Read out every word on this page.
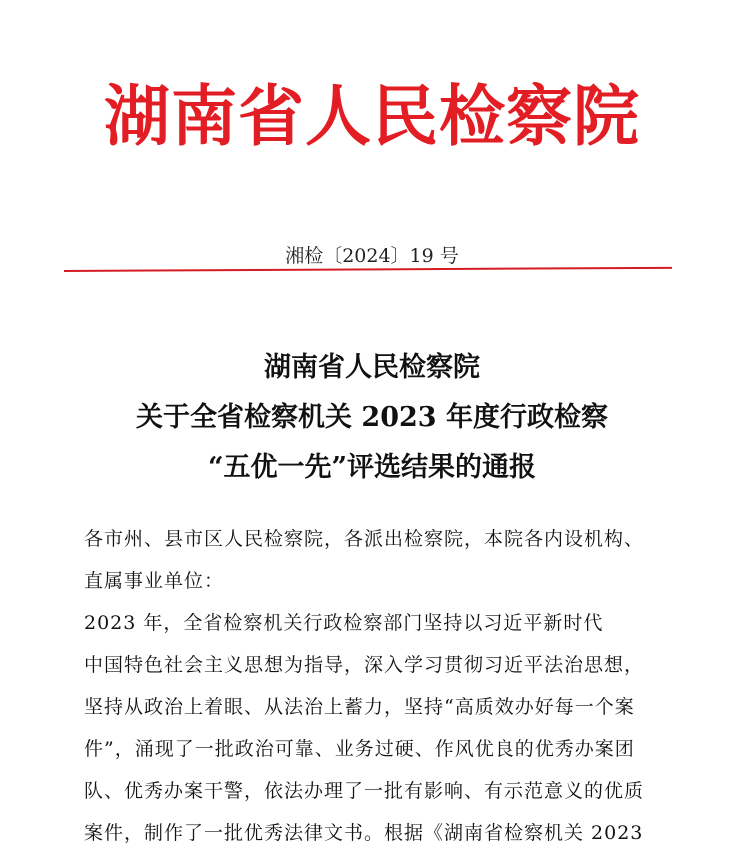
湖南省人民检察院
湘检〔2024〕19 号
湖南省人民检察院
关于全省检察机关 2023 年度行政检察
“五优一先”评选结果的通报
各市州、县市区人民检察院，各派出检察院，本院各内设机构、
直属事业单位：
2023 年，全省检察机关行政检察部门坚持以习近平新时代
中国特色社会主义思想为指导，深入学习贯彻习近平法治思想，
坚持从政治上着眼、从法治上蓄力，坚持“高质效办好每一个案
件”，涌现了一批政治可靠、业务过硬、作风优良的优秀办案团
队、优秀办案干警，依法办理了一批有影响、有示范意义的优质
案件，制作了一批优秀法律文书。根据《湖南省检察机关 2023
